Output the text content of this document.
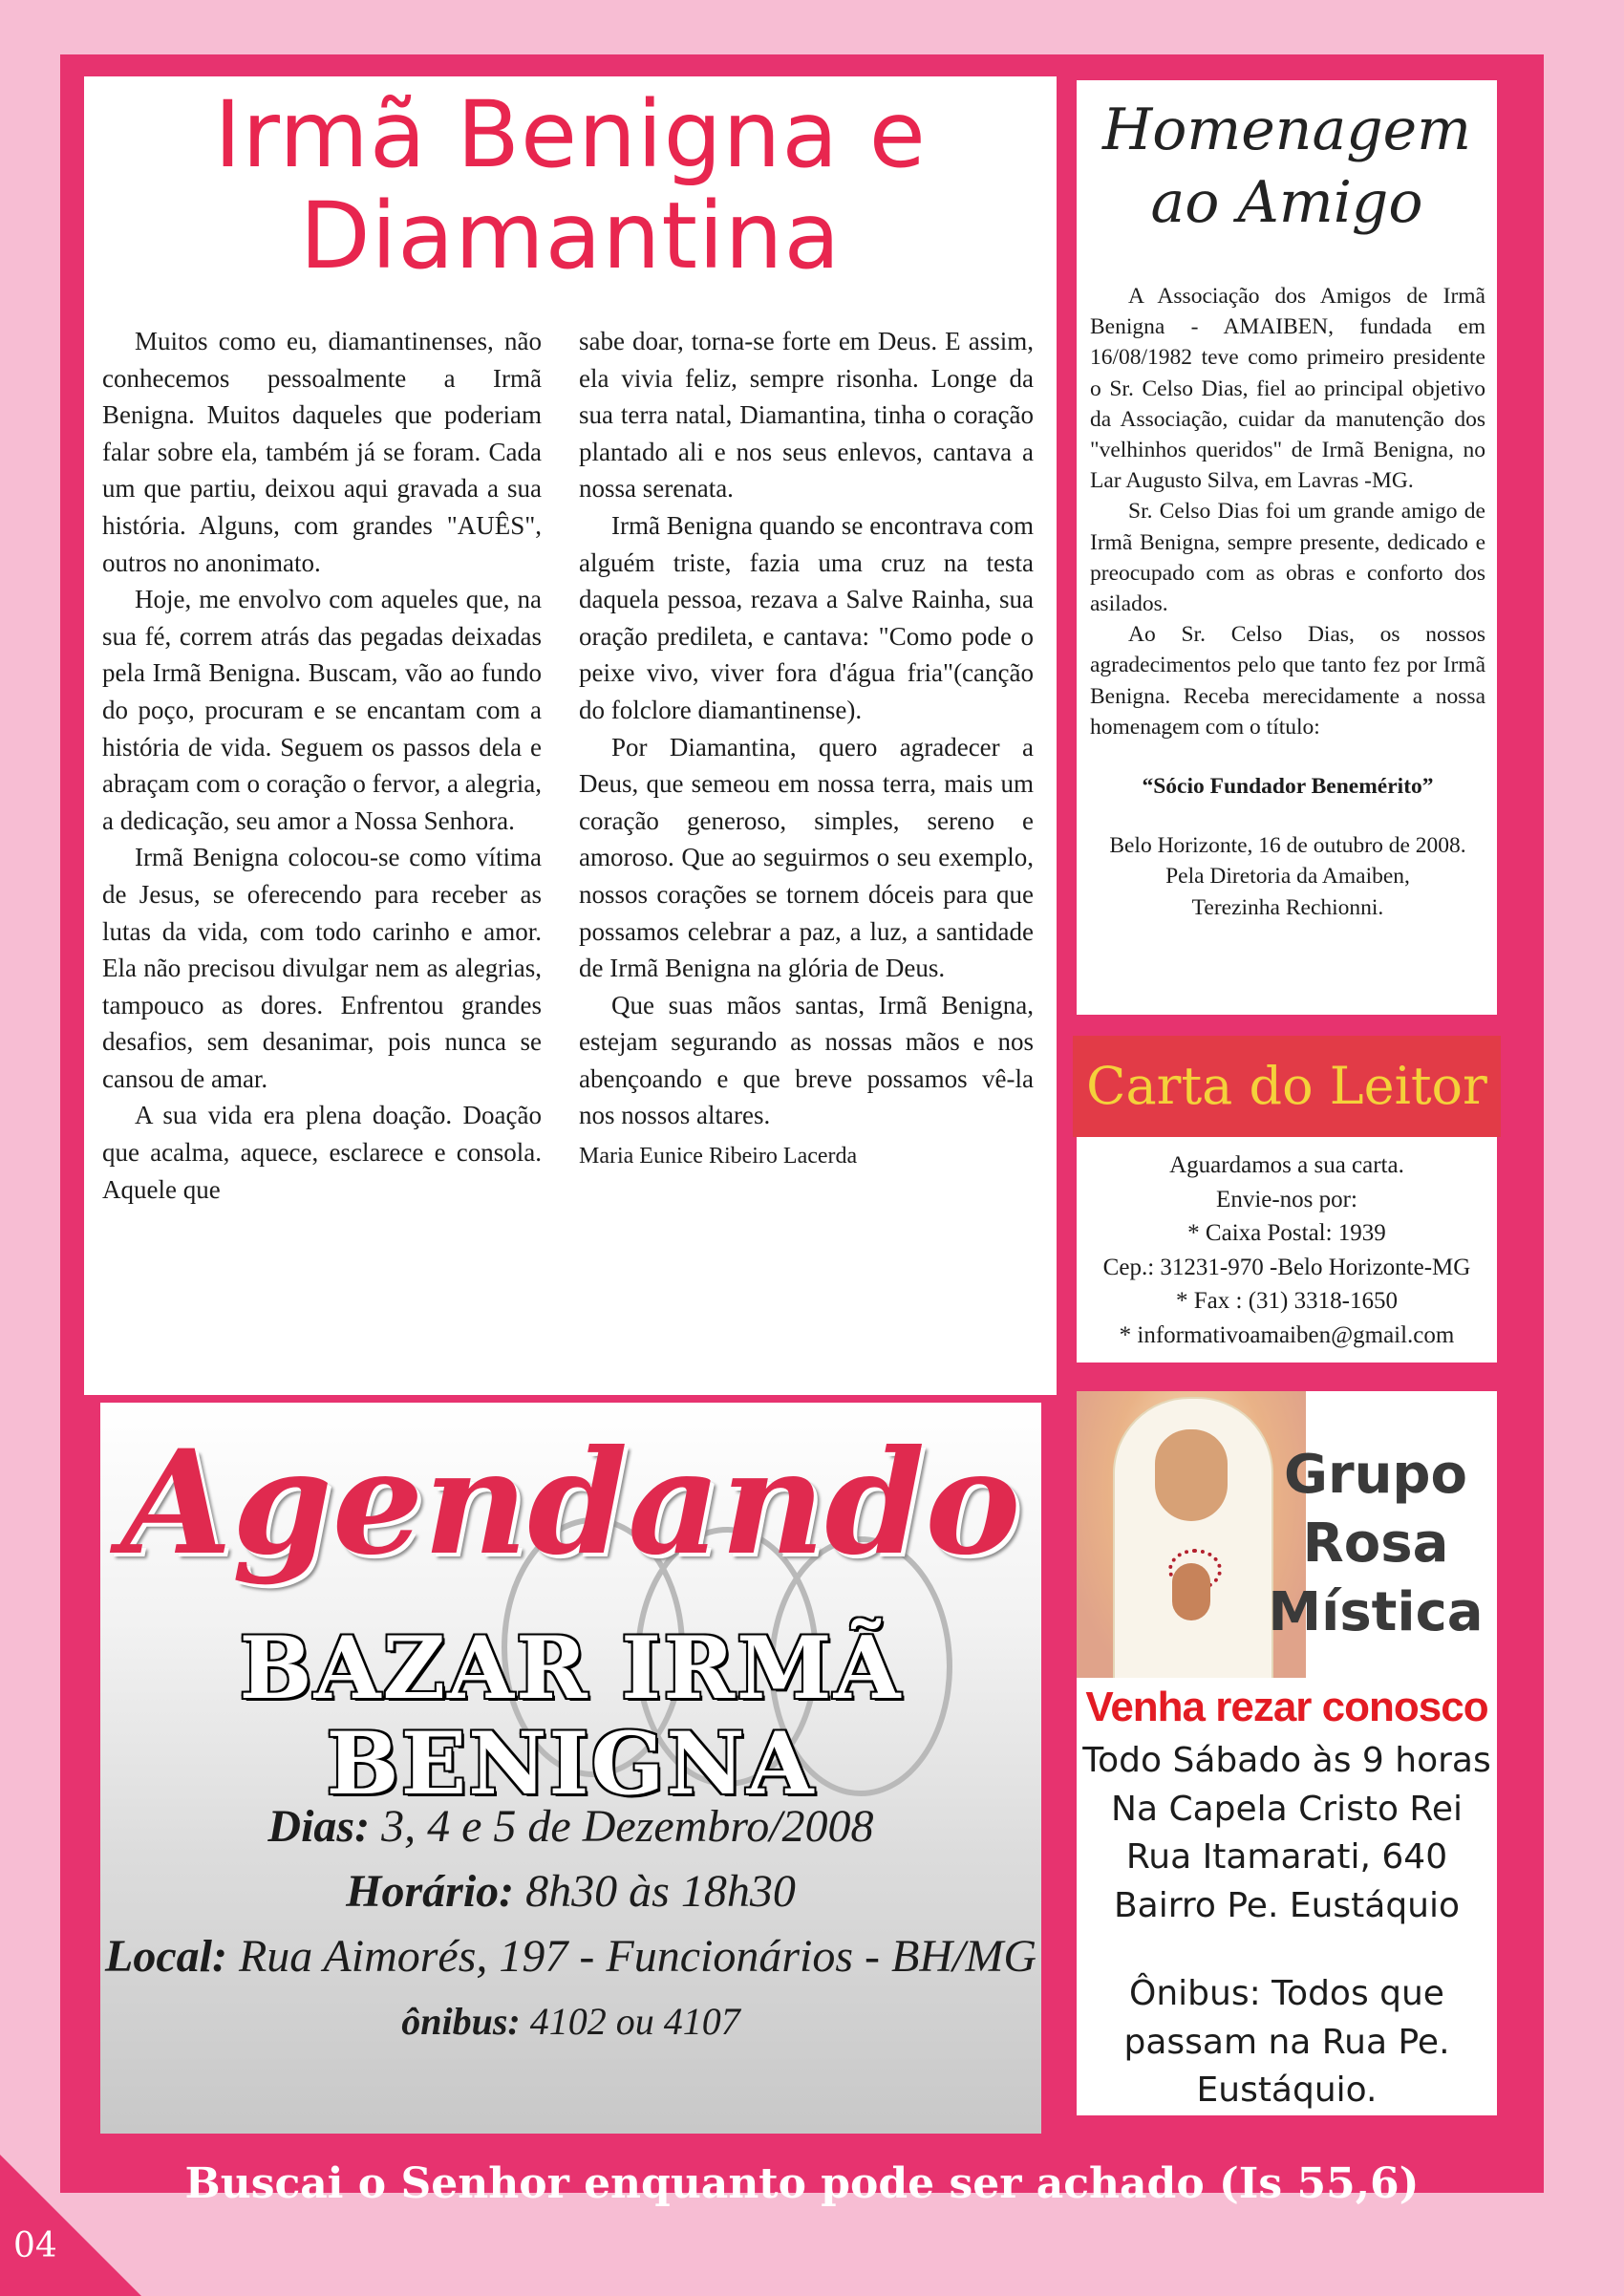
Irmã Benigna e Diamantina

Muitos como eu, diamantinenses, não conhecemos pessoalmente a Irmã Benigna. Muitos daqueles que poderiam falar sobre ela, também já se foram. Cada um que partiu, deixou aqui gravada a sua história. Alguns, com grandes "AUÊS", outros no anonimato.

Hoje, me envolvo com aqueles que, na sua fé, correm atrás das pegadas deixadas pela Irmã Benigna. Buscam, vão ao fundo do poço, procuram e se encantam com a história de vida. Seguem os passos dela e abraçam com o coração o fervor, a alegria, a dedicação, seu amor a Nossa Senhora.

Irmã Benigna colocou-se como vítima de Jesus, se oferecendo para receber as lutas da vida, com todo carinho e amor. Ela não precisou divulgar nem as alegrias, tampouco as dores. Enfrentou grandes desafios, sem desanimar, pois nunca se cansou de amar.

A sua vida era plena doação. Doação que acalma, aquece, esclarece e consola. Aquele que

sabe doar, torna-se forte em Deus. E assim, ela vivia feliz, sempre risonha. Longe da sua terra natal, Diamantina, tinha o coração plantado ali e nos seus enlevos, cantava a nossa serenata.

Irmã Benigna quando se encontrava com alguém triste, fazia uma cruz na testa daquela pessoa, rezava a Salve Rainha, sua oração predileta, e cantava: "Como pode o peixe vivo, viver fora d'água fria"(canção do folclore diamantinense).

Por Diamantina, quero agradecer a Deus, que semeou em nossa terra, mais um coração generoso, simples, sereno e amoroso. Que ao seguirmos o seu exemplo, nossos corações se tornem dóceis para que possamos celebrar a paz, a luz, a santidade de Irmã Benigna na glória de Deus.

Que suas mãos santas, Irmã Benigna, estejam segurando as nossas mãos e nos abençoando e que breve possamos vê-la nos nossos altares.

Maria Eunice Ribeiro Lacerda

Homenagem
ao Amigo

A Associação dos Amigos de Irmã Benigna - AMAIBEN, fundada em 16/08/1982 teve como primeiro presidente o Sr. Celso Dias, fiel ao principal objetivo da Associação, cuidar da manutenção dos "velhinhos queridos" de Irmã Benigna, no Lar Augusto Silva, em Lavras -MG.

Sr. Celso Dias foi um grande amigo de Irmã Benigna, sempre presente, dedicado e preocupado com as obras e conforto dos asilados.

Ao Sr. Celso Dias, os nossos agradecimentos pelo que tanto fez por Irmã Benigna. Receba merecidamente a nossa homenagem com o título:

“Sócio Fundador Benemérito”

Belo Horizonte, 16 de outubro de 2008.

Pela Diretoria da Amaiben,

Terezinha Rechionni.

Carta do Leitor
Aguardamos a sua carta.
Envie-nos por:
* Caixa Postal: 1939
Cep.: 31231-970 -Belo Horizonte-MG
* Fax : (31) 3318-1650
* informativoamaiben@gmail.com
Agendando
BAZAR IRMÃ BENIGNA
Dias: 3, 4 e 5 de Dezembro/2008
Horário: 8h30 às 18h30
Local: Rua Aimorés, 197 - Funcionários - BH/MG
ônibus: 4102 ou 4107
Grupo
Rosa
Mística
Venha rezar conosco
Todo Sábado às 9 horas
Na Capela Cristo Rei
Rua Itamarati, 640
Bairro Pe. Eustáquio
Ônibus: Todos que
passam na Rua Pe.
Eustáquio.
Buscai o Senhor enquanto pode ser achado (Is 55,6)
04
